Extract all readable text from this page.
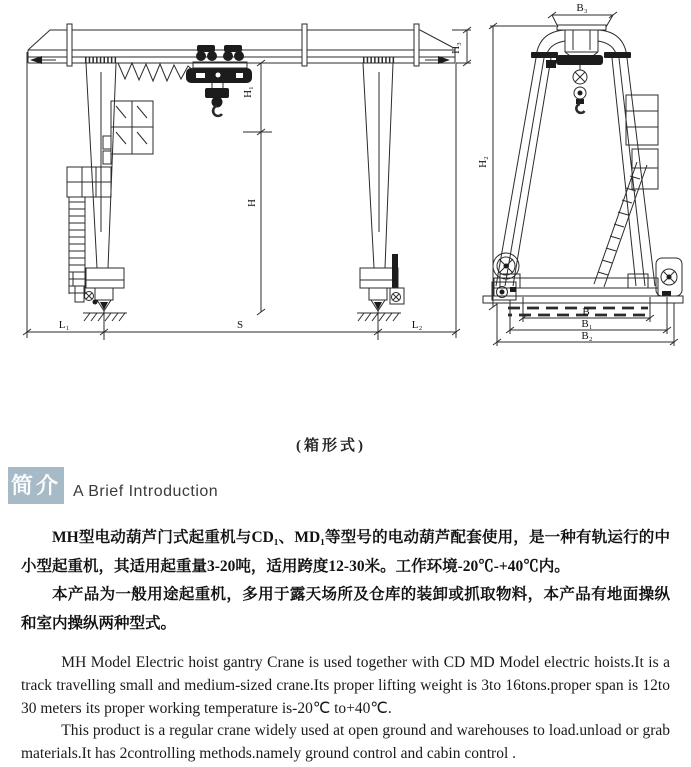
H₁
H
H₃
L₁	S	L₂
B₃
H₂
B
B₁
B₂
(箱形式)
简介 A Brief Introduction

MH型电动葫芦门式起重机与CD₁、MD₁等型号的电动葫芦配套使用，是一种有轨运行的中小型起重机，其适用起重量3-20吨，适用跨度12-30米。工作环境-20℃-+40℃内。

本产品为一般用途起重机，多用于露天场所及仓库的装卸或抓取物料，本产品有地面操纵和室内操纵两种型式。

MH Model Electric hoist gantry Crane is used together with CD MD Model electric hoists.It is a track travelling small and medium-sized crane.Its proper lifting weight is 3to 16tons.proper span is 12to 30 meters its proper working temperature is-20℃ to+40℃.

This product is a regular crane widely used at open ground and warehouses to load.unload or grab materials.It has 2controlling methods.namely ground control and cabin control .
